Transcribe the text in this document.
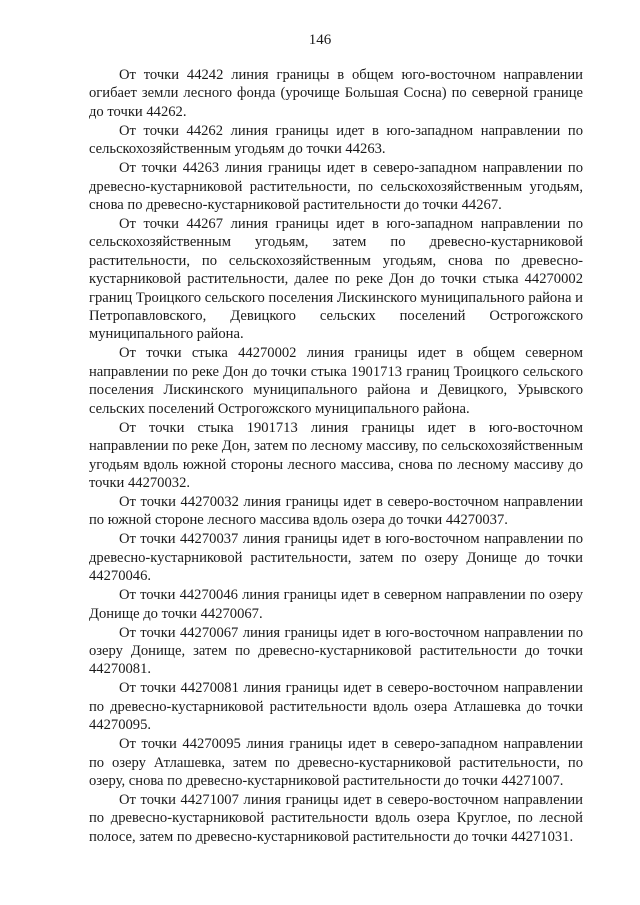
146

От точки 44242 линия границы в общем юго-восточном направлении огибает земли лесного фонда (урочище Большая Сосна) по северной границе до точки 44262.

От точки 44262 линия границы идет в юго-западном направлении по сельскохозяйственным угодьям до точки 44263.

От точки 44263 линия границы идет в северо-западном направлении по древесно-кустарниковой растительности, по сельскохозяйственным угодьям, снова по древесно-кустарниковой растительности до точки 44267.

От точки 44267 линия границы идет в юго-западном направлении по сельскохозяйственным угодьям, затем по древесно-кустарниковой растительности, по сельскохозяйственным угодьям, снова по древесно-кустарниковой растительности, далее по реке Дон до точки стыка 44270002 границ Троицкого сельского поселения Лискинского муниципального района и Петропавловского, Девицкого сельских поселений Острогожского муниципального района.

От точки стыка 44270002 линия границы идет в общем северном направлении по реке Дон до точки стыка 1901713 границ Троицкого сельского поселения Лискинского муниципального района и Девицкого, Урывского сельских поселений Острогожского муниципального района.

От точки стыка 1901713 линия границы идет в юго-восточном направлении по реке Дон, затем по лесному массиву, по сельскохозяйственным угодьям вдоль южной стороны лесного массива, снова по лесному массиву до точки 44270032.

От точки 44270032 линия границы идет в северо-восточном направлении по южной стороне лесного массива вдоль озера до точки 44270037.

От точки 44270037 линия границы идет в юго-восточном направлении по древесно-кустарниковой растительности, затем по озеру Донище до точки 44270046.

От точки 44270046 линия границы идет в северном направлении по озеру Донище до точки 44270067.

От точки 44270067 линия границы идет в юго-восточном направлении по озеру Донище, затем по древесно-кустарниковой растительности до точки 44270081.

От точки 44270081 линия границы идет в северо-восточном направлении по древесно-кустарниковой растительности вдоль озера Атлашевка до точки 44270095.

От точки 44270095 линия границы идет в северо-западном направлении по озеру Атлашевка, затем по древесно-кустарниковой растительности, по озеру, снова по древесно-кустарниковой растительности до точки 44271007.

От точки 44271007 линия границы идет в северо-восточном направлении по древесно-кустарниковой растительности вдоль озера Круглое, по лесной полосе, затем по древесно-кустарниковой растительности до точки 44271031.
